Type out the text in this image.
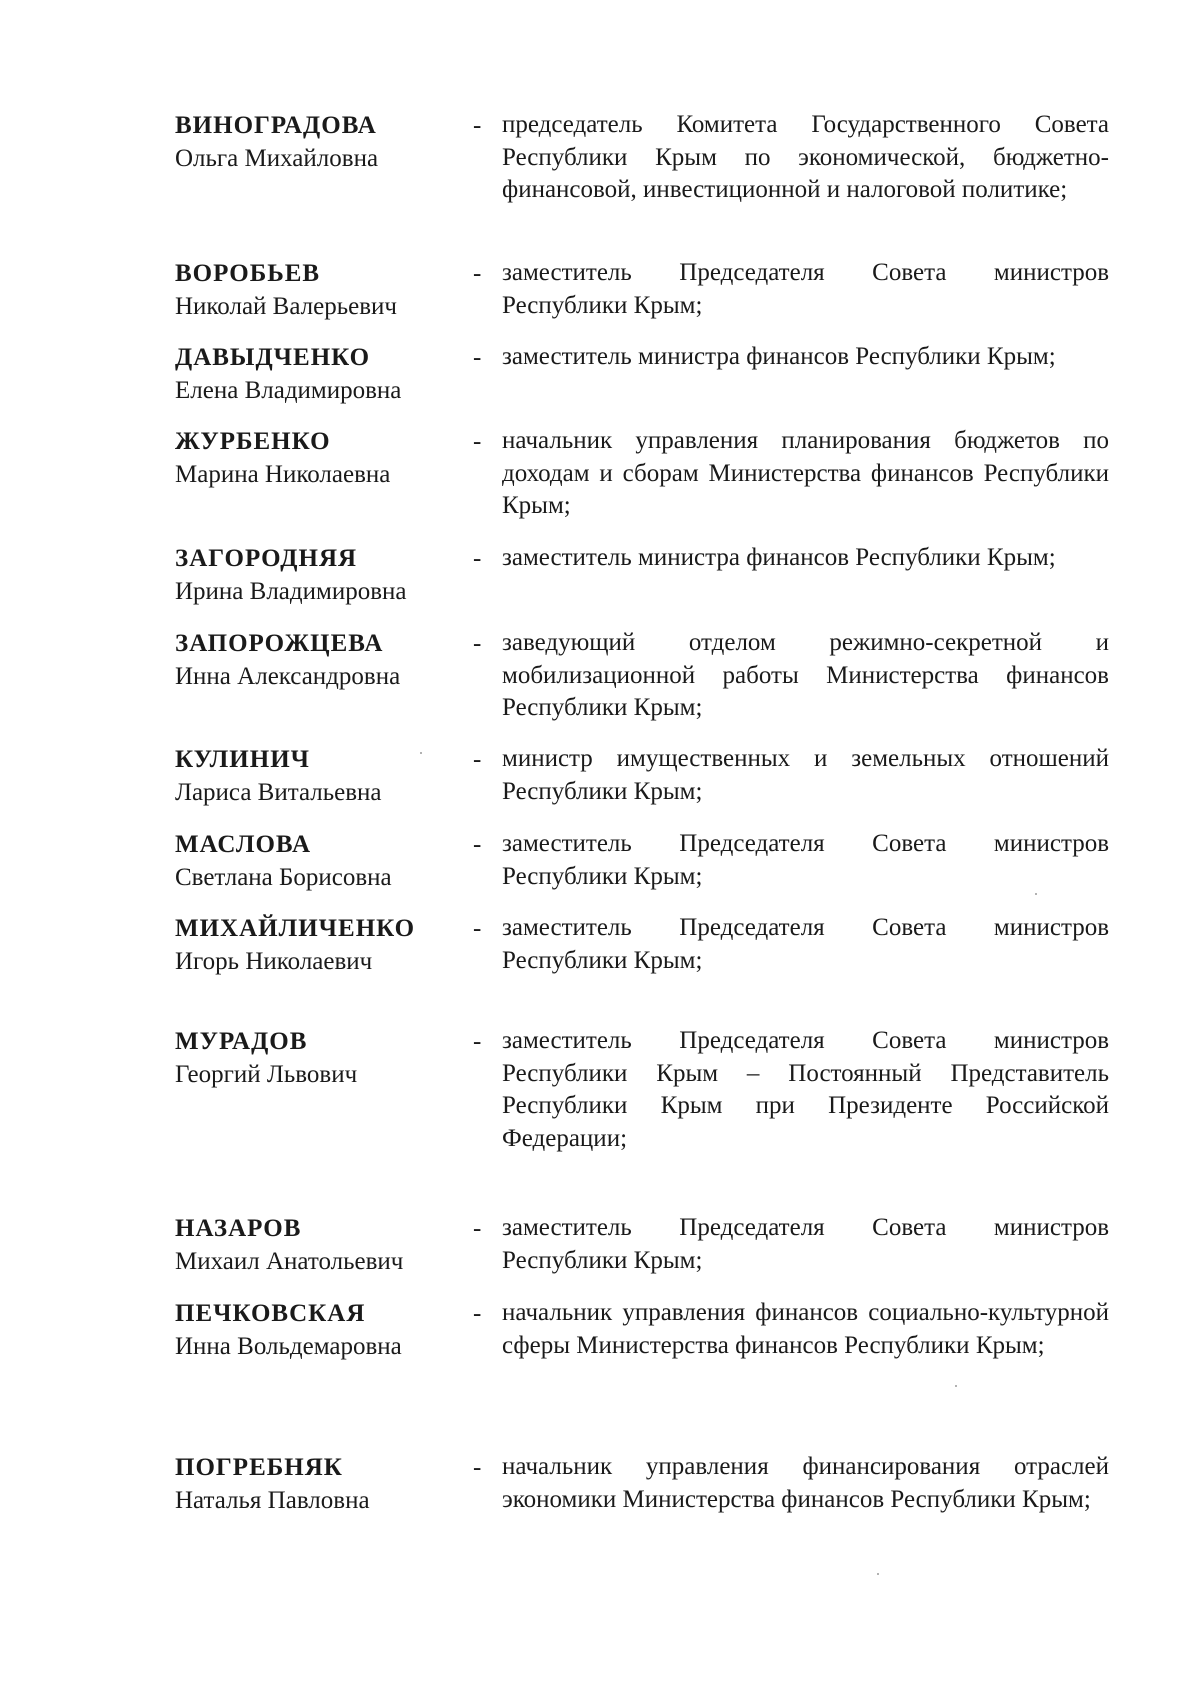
ВИНОГРАДОВА
Ольга Михайловна
- председатель Комитета Государственного Совета Республики Крым по экономической, бюджетно-финансовой, инвестиционной и налоговой политике;
ВОРОБЬЕВ
Николай Валерьевич
- заместитель Председателя Совета министров Республики Крым;
ДАВЫДЧЕНКО
Елена Владимировна
- заместитель министра финансов Республики Крым;
ЖУРБЕНКО
Марина Николаевна
- начальник управления планирования бюджетов по доходам и сборам Министерства финансов Республики Крым;
ЗАГОРОДНЯЯ
Ирина Владимировна
- заместитель министра финансов Республики Крым;
ЗАПОРОЖЦЕВА
Инна Александровна
- заведующий отделом режимно-секретной и мобилизационной работы Министерства финансов Республики Крым;
КУЛИНИЧ
Лариса Витальевна
- министр имущественных и земельных отношений Республики Крым;
МАСЛОВА
Светлана Борисовна
- заместитель Председателя Совета министров Республики Крым;
МИХАЙЛИЧЕНКО
Игорь Николаевич
- заместитель Председателя Совета министров Республики Крым;
МУРАДОВ
Георгий Львович
- заместитель Председателя Совета министров Республики Крым – Постоянный Представитель Республики Крым при Президенте Российской Федерации;
НАЗАРОВ
Михаил Анатольевич
- заместитель Председателя Совета министров Республики Крым;
ПЕЧКОВСКАЯ
Инна Вольдемаровна
- начальник управления финансов социально-культурной сферы Министерства финансов Республики Крым;
ПОГРЕБНЯК
Наталья Павловна
- начальник управления финансирования отраслей экономики Министерства финансов Республики Крым;
